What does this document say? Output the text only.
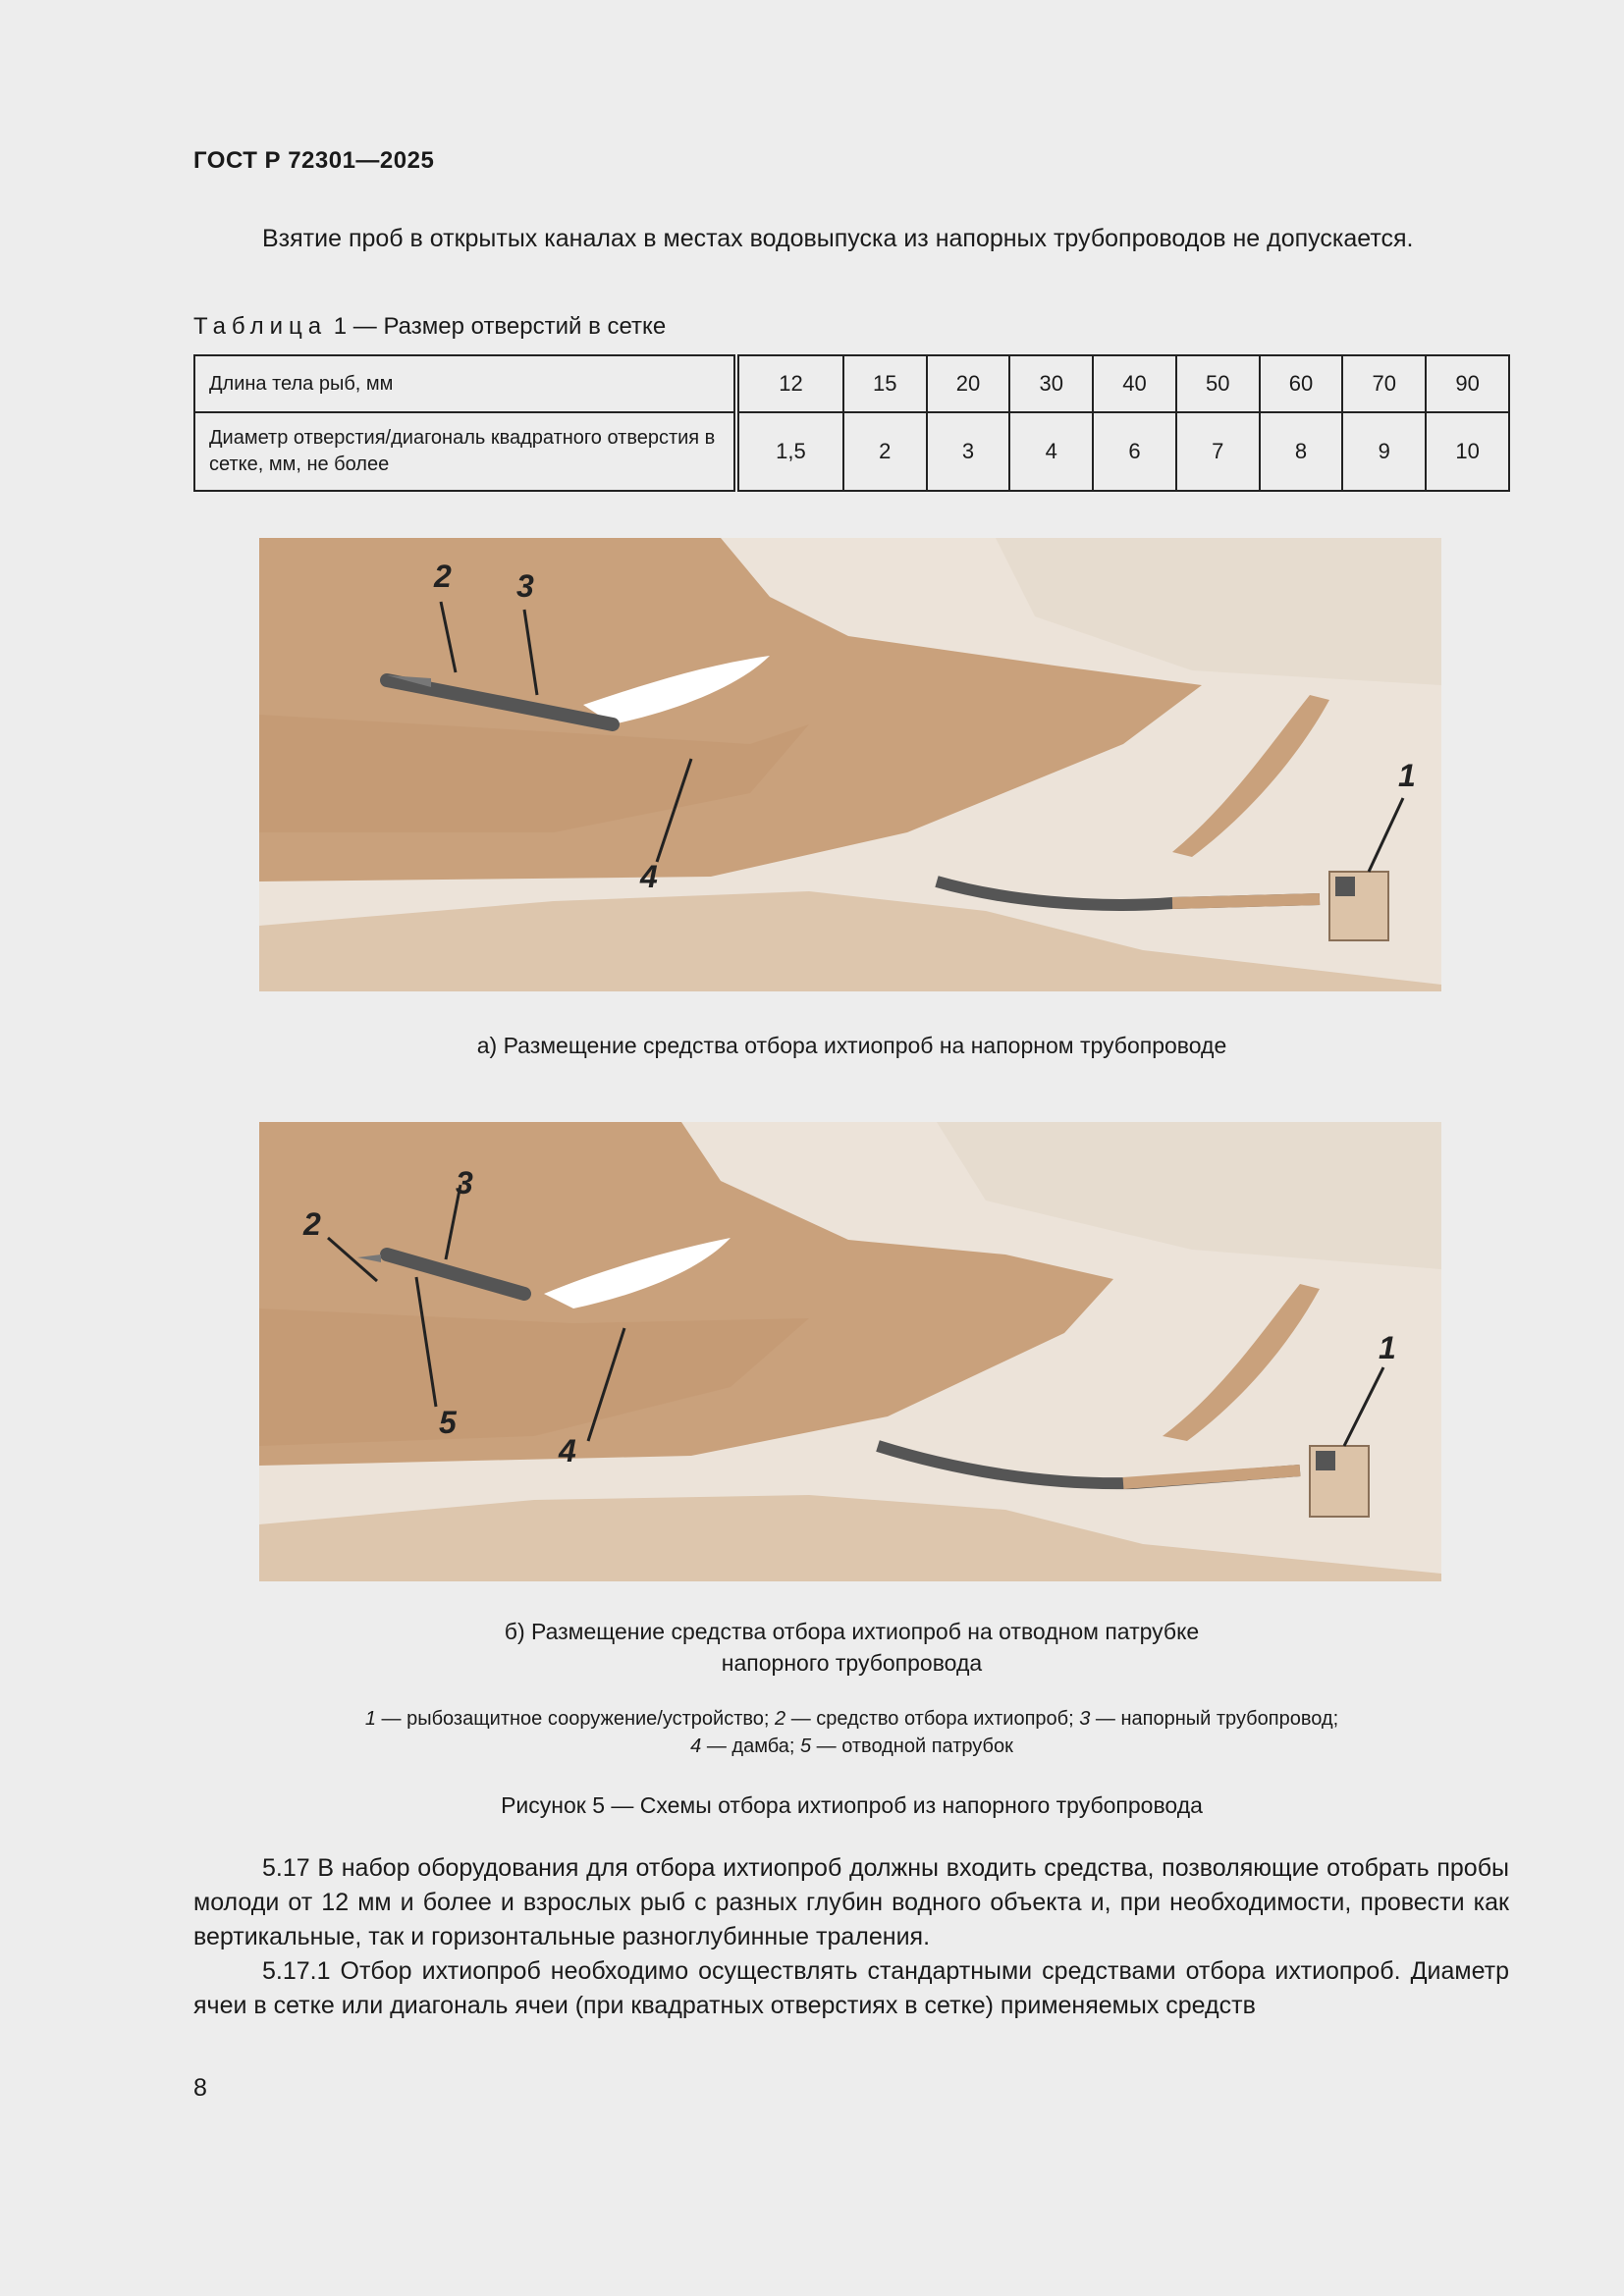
ГОСТ Р 72301—2025
Взятие проб в открытых каналах в местах водовыпуска из напорных трубопроводов не допускается.
Таблица 1 — Размер отверстий в сетке
Длина тела рыб, мм	12	15	20	30	40	50	60	70	90
Диаметр отверстия/диагональ квадратного отверстия в сетке, мм, не более	1,5	2	3	4	6	7	8	9	10
2 3
4
1
а) Размещение средства отбора ихтиопроб на напорном трубопроводе
2
3
5
4
1
б) Размещение средства отбора ихтиопроб на отводном патрубке
напорного трубопровода
1 — рыбозащитное сооружение/устройство; 2 — средство отбора ихтиопроб; 3 — напорный трубопровод;
4 — дамба; 5 — отводной патрубок
Рисунок 5 — Схемы отбора ихтиопроб из напорного трубопровода
5.17 В набор оборудования для отбора ихтиопроб должны входить средства, позволяющие отобрать пробы молоди от 12 мм и более и взрослых рыб с разных глубин водного объекта и, при необходимости, провести как вертикальные, так и горизонтальные разноглубинные траления.
5.17.1 Отбор ихтиопроб необходимо осуществлять стандартными средствами отбора ихтиопроб. Диаметр ячеи в сетке или диагональ ячеи (при квадратных отверстиях в сетке) применяемых средств
8
